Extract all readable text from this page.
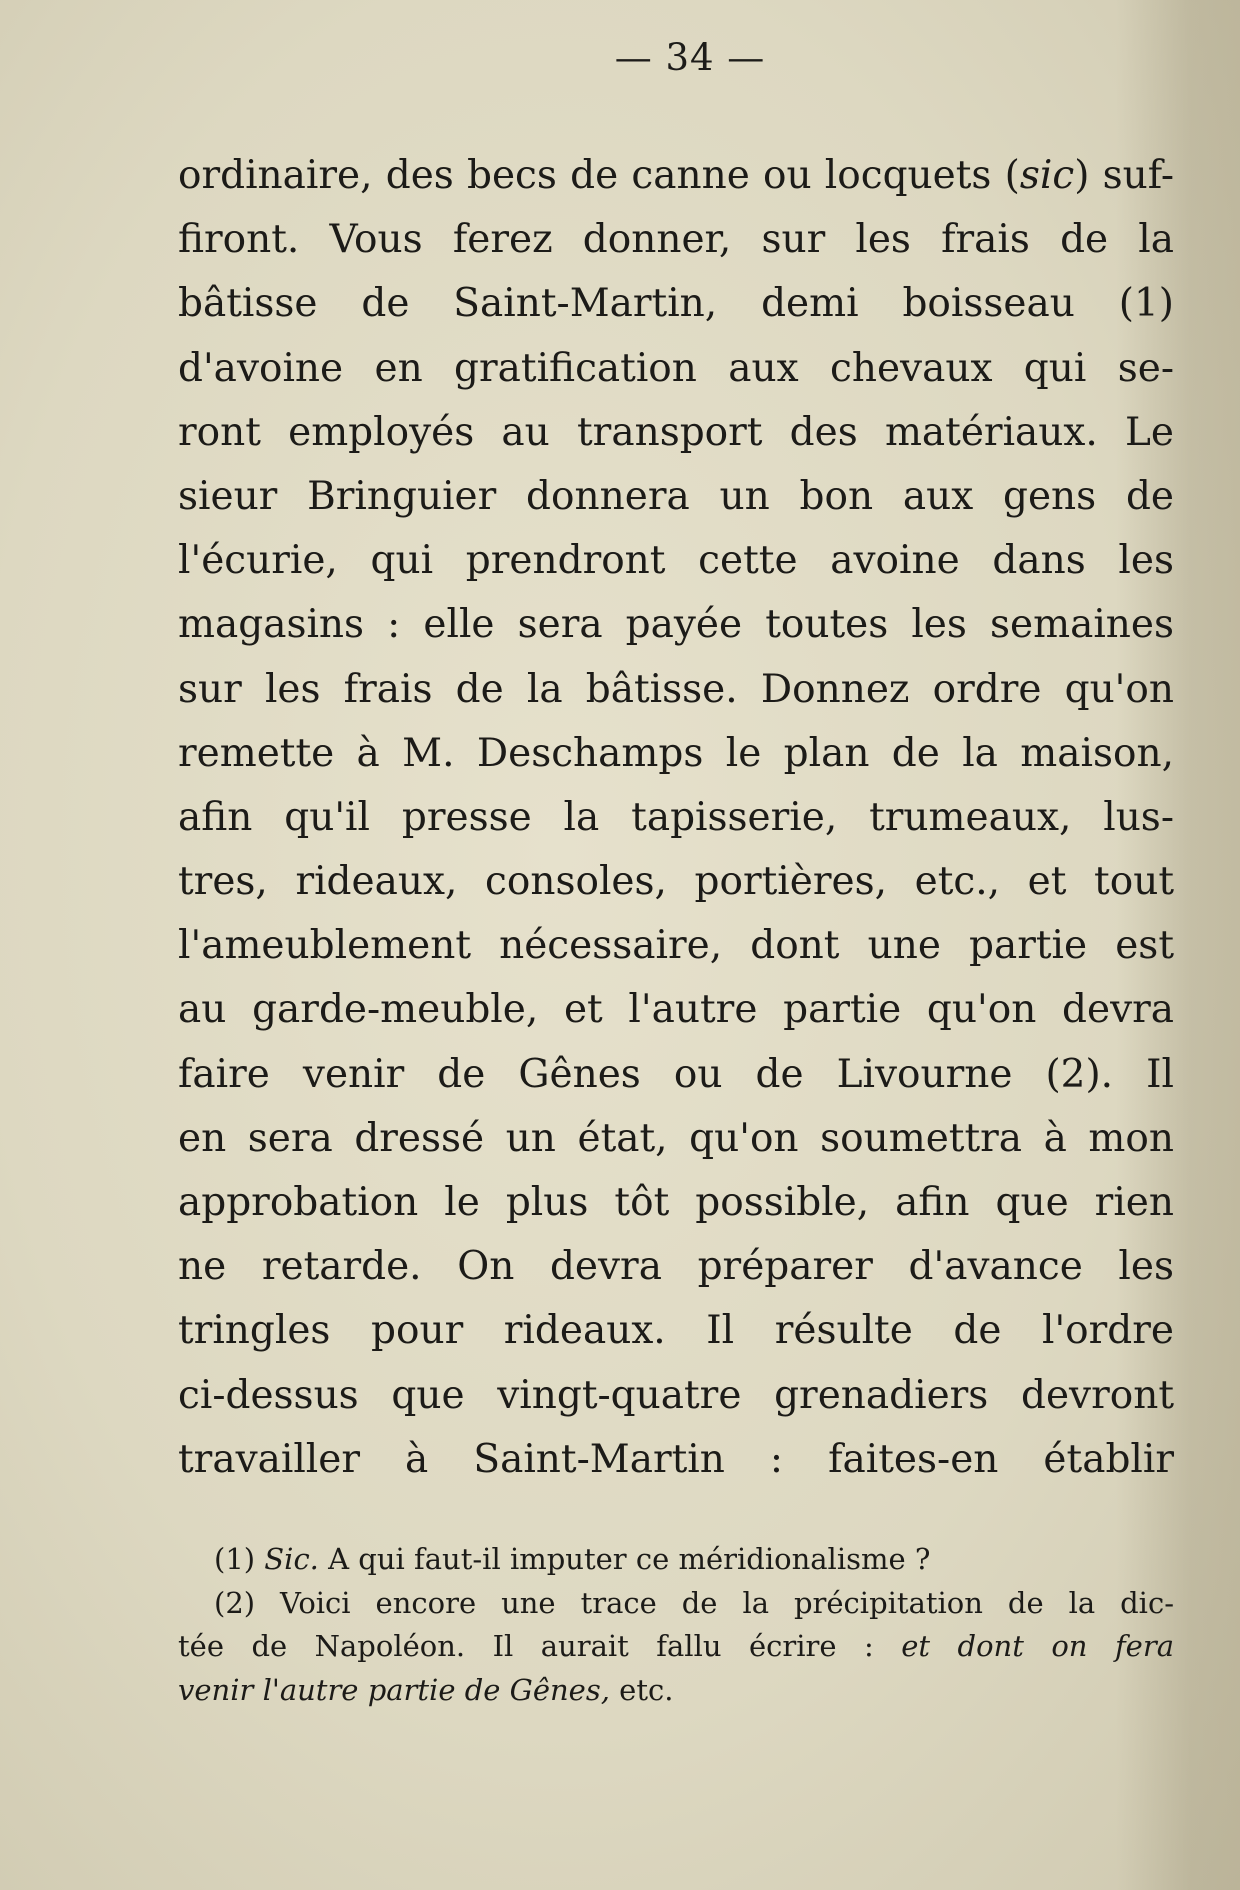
— 34 —
ordinaire, des becs de canne ou locquets (sic) suf-
firont. Vous ferez donner, sur les frais de la
bâtisse de Saint-Martin, demi boisseau (1)
d'avoine en gratification aux chevaux qui se-
ront employés au transport des matériaux. Le
sieur Bringuier donnera un bon aux gens de
l'écurie, qui prendront cette avoine dans les
magasins : elle sera payée toutes les semaines
sur les frais de la bâtisse. Donnez ordre qu'on
remette à M. Deschamps le plan de la maison,
afin qu'il presse la tapisserie, trumeaux, lus-
tres, rideaux, consoles, portières, etc., et tout
l'ameublement nécessaire, dont une partie est
au garde-meuble, et l'autre partie qu'on devra
faire venir de Gênes ou de Livourne (2). Il
en sera dressé un état, qu'on soumettra à mon
approbation le plus tôt possible, afin que rien
ne retarde. On devra préparer d'avance les
tringles pour rideaux. Il résulte de l'ordre
ci-dessus que vingt-quatre grenadiers devront
travailler à Saint-Martin : faites-en établir
(1) Sic. A qui faut-il imputer ce méridionalisme ?
(2) Voici encore une trace de la précipitation de la dic-
tée de Napoléon. Il aurait fallu écrire : et dont on fera
venir l'autre partie de Gênes, etc.
